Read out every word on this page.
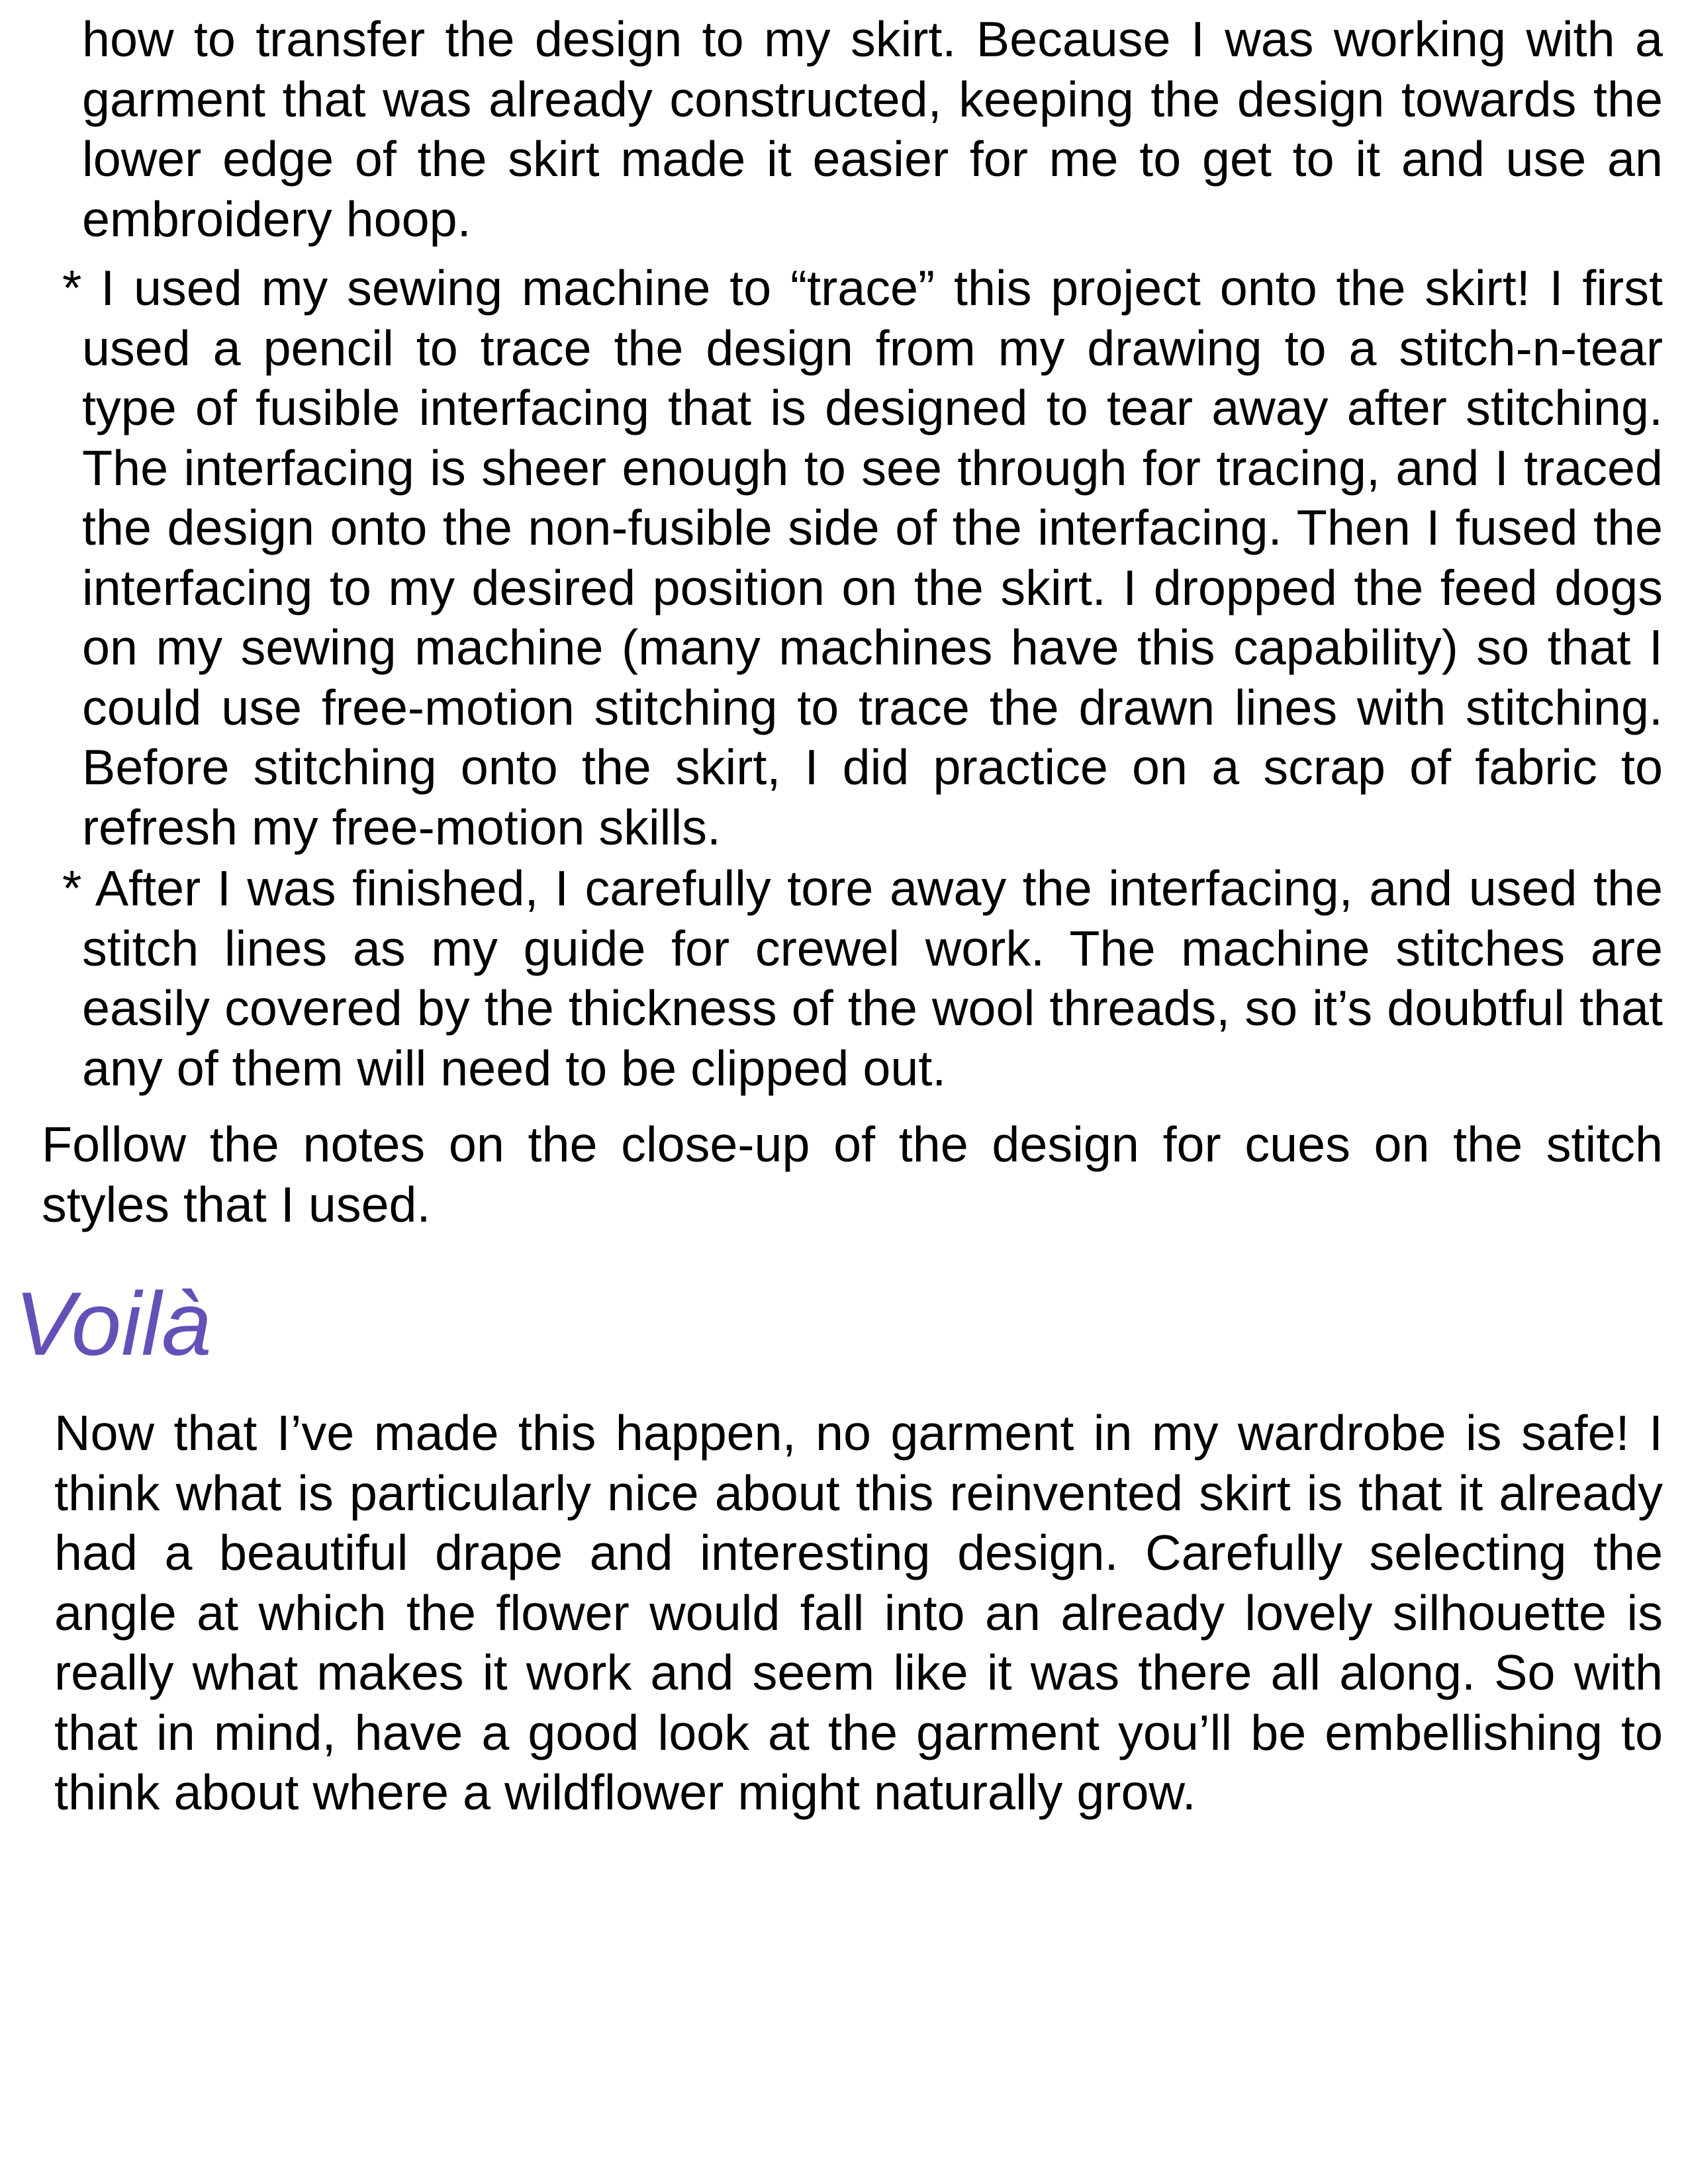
how to transfer the design to my skirt. Because I was working with a garment that was already constructed, keeping the design towards the lower edge of the skirt made it easier for me to get to it and use an embroidery hoop.

* I used my sewing machine to “trace” this project onto the skirt! I first used a pencil to trace the design from my drawing to a stitch-n-tear type of fusible interfacing that is designed to tear away after stitching. The interfacing is sheer enough to see through for tracing, and I traced the design onto the non-fusible side of the interfacing. Then I fused the interfacing to my desired position on the skirt. I dropped the feed dogs on my sewing machine (many machines have this capability) so that I could use free-motion stitching to trace the drawn lines with stitching. Before stitching onto the skirt, I did practice on a scrap of fabric to refresh my free-motion skills.

* After I was finished, I carefully tore away the interfacing, and used the stitch lines as my guide for crewel work. The machine stitches are easily covered by the thickness of the wool threads, so it’s doubtful that any of them will need to be clipped out.

Follow the notes on the close-up of the design for cues on the stitch styles that I used.

Voilà

Now that I’ve made this happen, no garment in my wardrobe is safe! I think what is particularly nice about this reinvented skirt is that it already had a beautiful drape and interesting design. Carefully selecting the angle at which the flower would fall into an already lovely silhouette is really what makes it work and seem like it was there all along. So with that in mind, have a good look at the garment you’ll be embellishing to think about where a wildflower might naturally grow.
